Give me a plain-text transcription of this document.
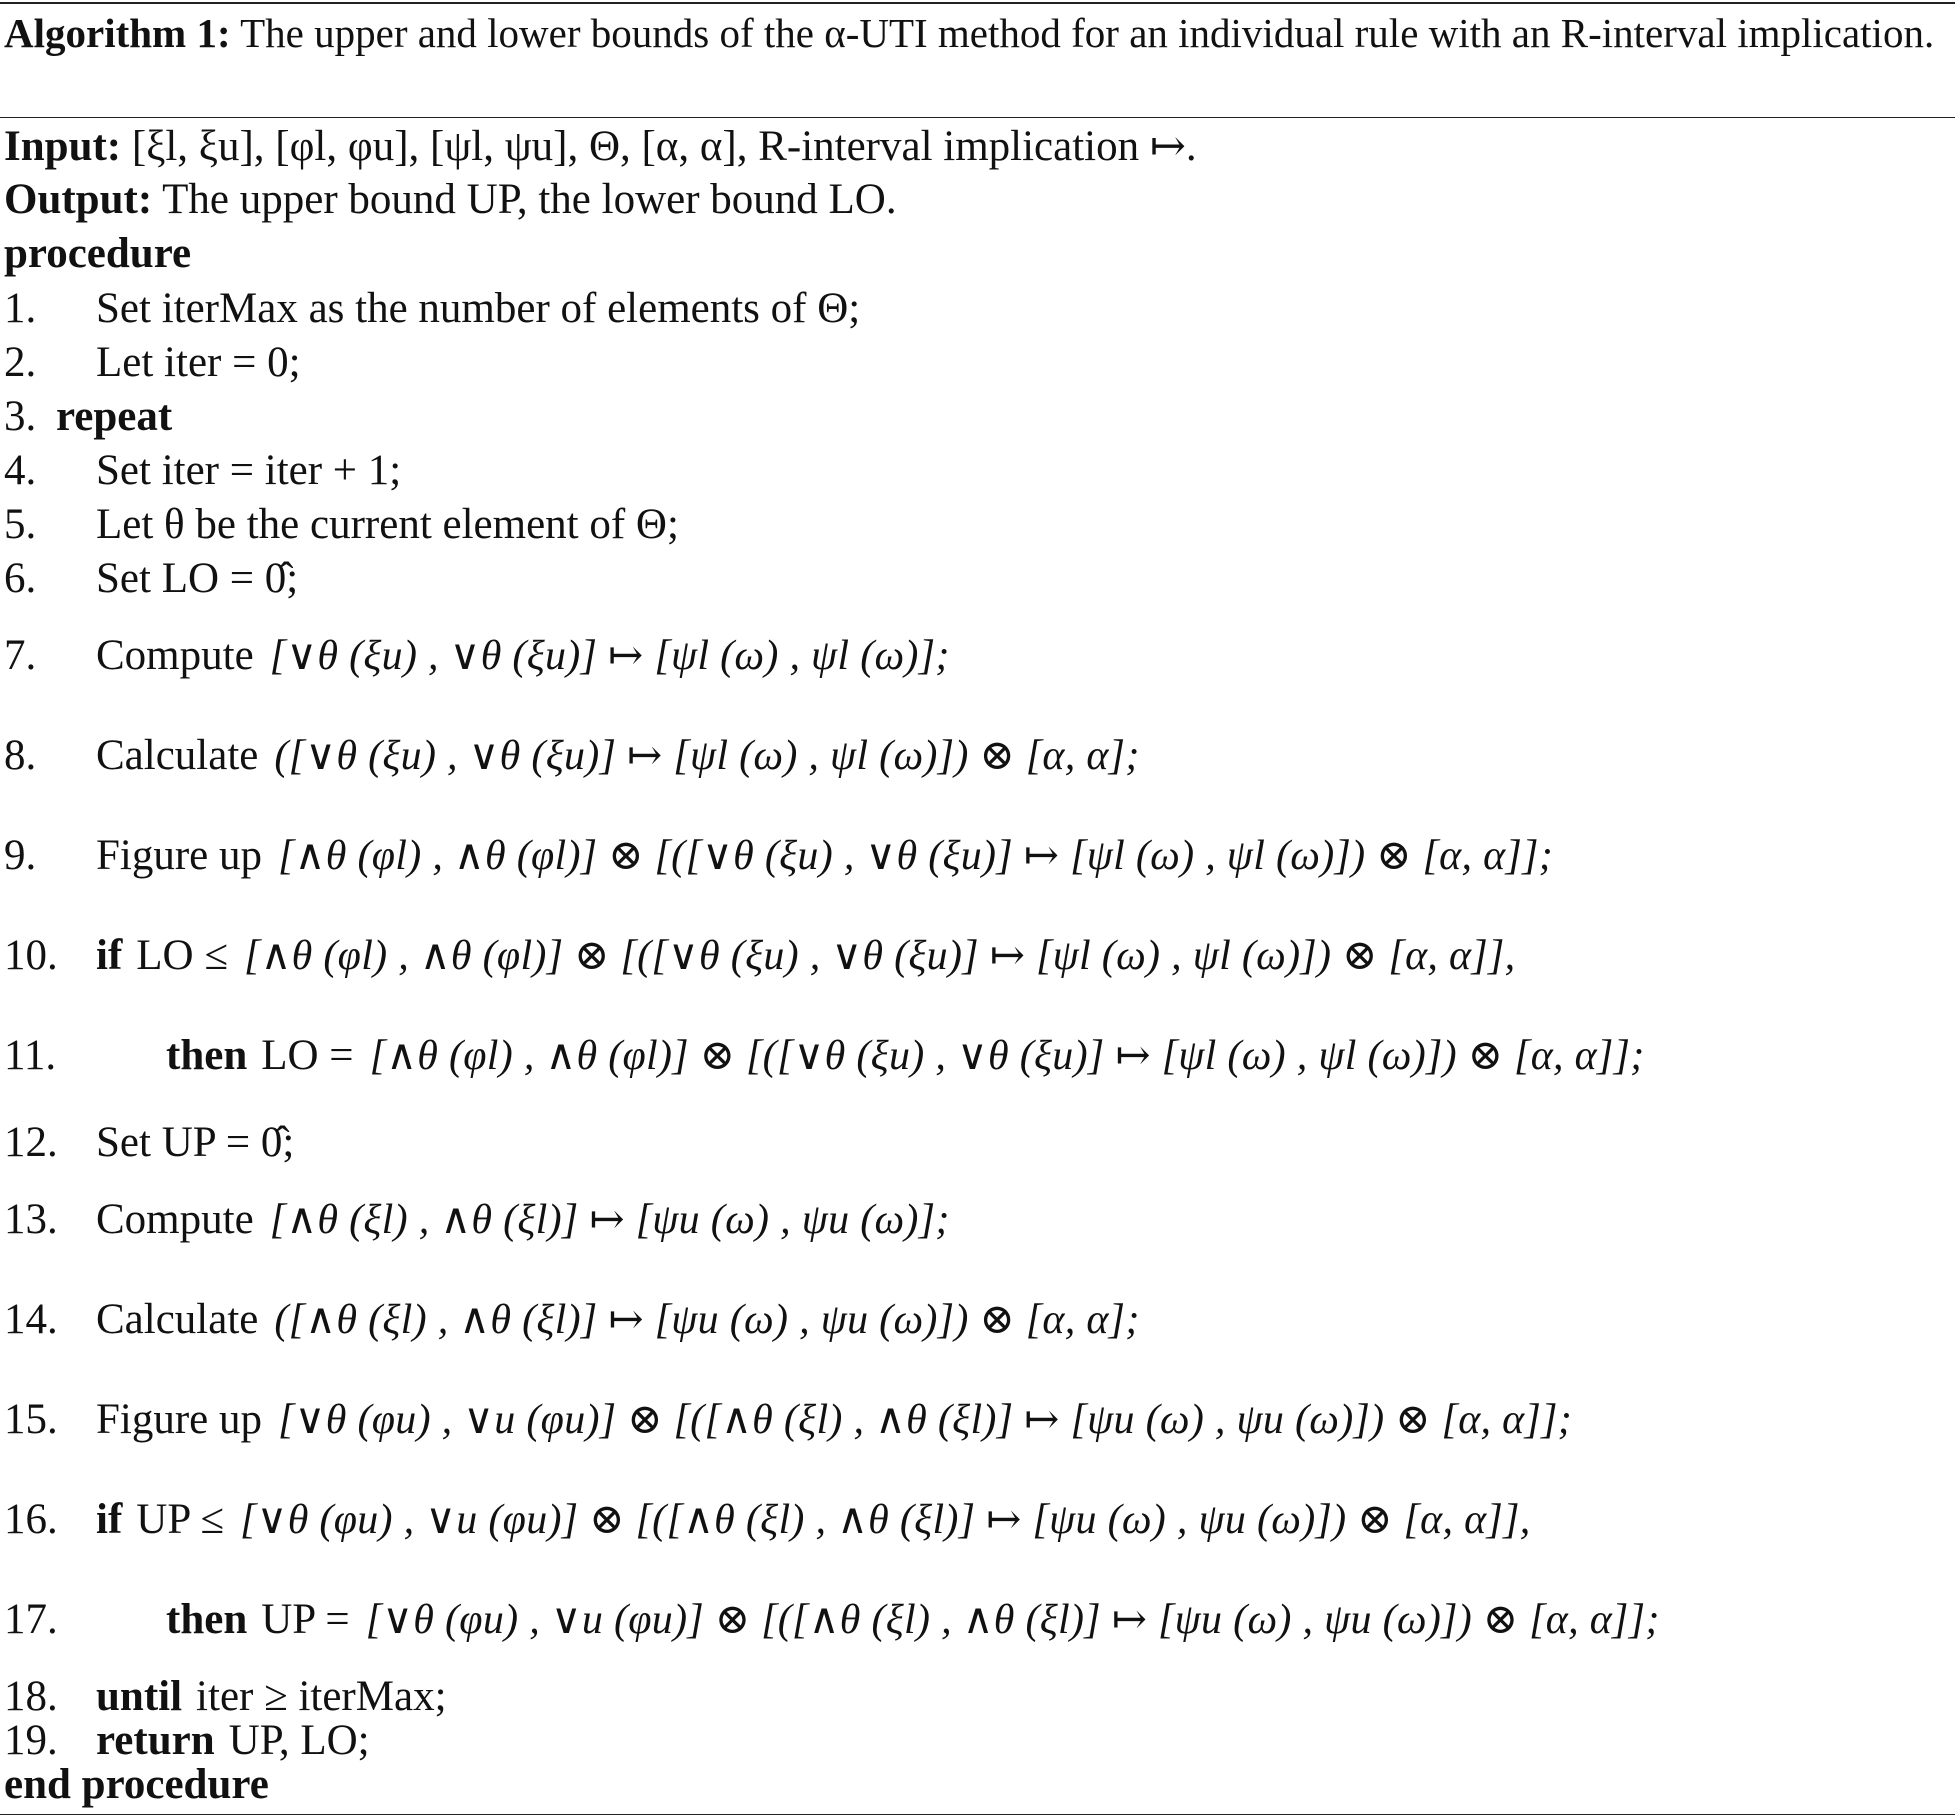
Algorithm 1: The upper and lower bounds of the α-UTI method for an individual rule with an R-interval implication.
Input: [ξl, ξu], [φl, φu], [ψl, ψu], Θ, [α, α], R-interval implication ↦.
Output: The upper bound UP, the lower bound LO.
procedure
1.	Set iterMax as the number of elements of Θ;
2.	Let iter = 0;
3. repeat
4.	Set iter = iter + 1;
5.	Let θ be the current element of Θ;
6.	Set LO = 0̂;
7.	Compute [∨θ (ξu) , ∨θ (ξu)] ↦ [ψl (ω) , ψl (ω)];
8.	Calculate ([∨θ (ξu) , ∨θ (ξu)] ↦ [ψl (ω) , ψl (ω)]) ⊗ [α, α];
9.	Figure up [∧θ (φl) , ∧θ (φl)] ⊗ [([∨θ (ξu) , ∨θ (ξu)] ↦ [ψl (ω) , ψl (ω)]) ⊗ [α, α]];
10. if LO ≤ [∧θ (φl) , ∧θ (φl)] ⊗ [([∨θ (ξu) , ∨θ (ξu)] ↦ [ψl (ω) , ψl (ω)]) ⊗ [α, α]],
11.	then LO = [∧θ (φl) , ∧θ (φl)] ⊗ [([∨θ (ξu) , ∨θ (ξu)] ↦ [ψl (ω) , ψl (ω)]) ⊗ [α, α]];
12. Set UP = 0̂;
13. Compute [∧θ (ξl) , ∧θ (ξl)] ↦ [ψu (ω) , ψu (ω)];
14. Calculate ([∧θ (ξl) , ∧θ (ξl)] ↦ [ψu (ω) , ψu (ω)]) ⊗ [α, α];
15. Figure up [∨θ (φu) , ∨u (φu)] ⊗ [([∧θ (ξl) , ∧θ (ξl)] ↦ [ψu (ω) , ψu (ω)]) ⊗ [α, α]];
16. if UP ≤ [∨θ (φu) , ∨u (φu)] ⊗ [([∧θ (ξl) , ∧θ (ξl)] ↦ [ψu (ω) , ψu (ω)]) ⊗ [α, α]],
17.	then UP = [∨θ (φu) , ∨u (φu)] ⊗ [([∧θ (ξl) , ∧θ (ξl)] ↦ [ψu (ω) , ψu (ω)]) ⊗ [α, α]];
18. until iter ≥ iterMax;
19. return UP, LO;
end procedure
